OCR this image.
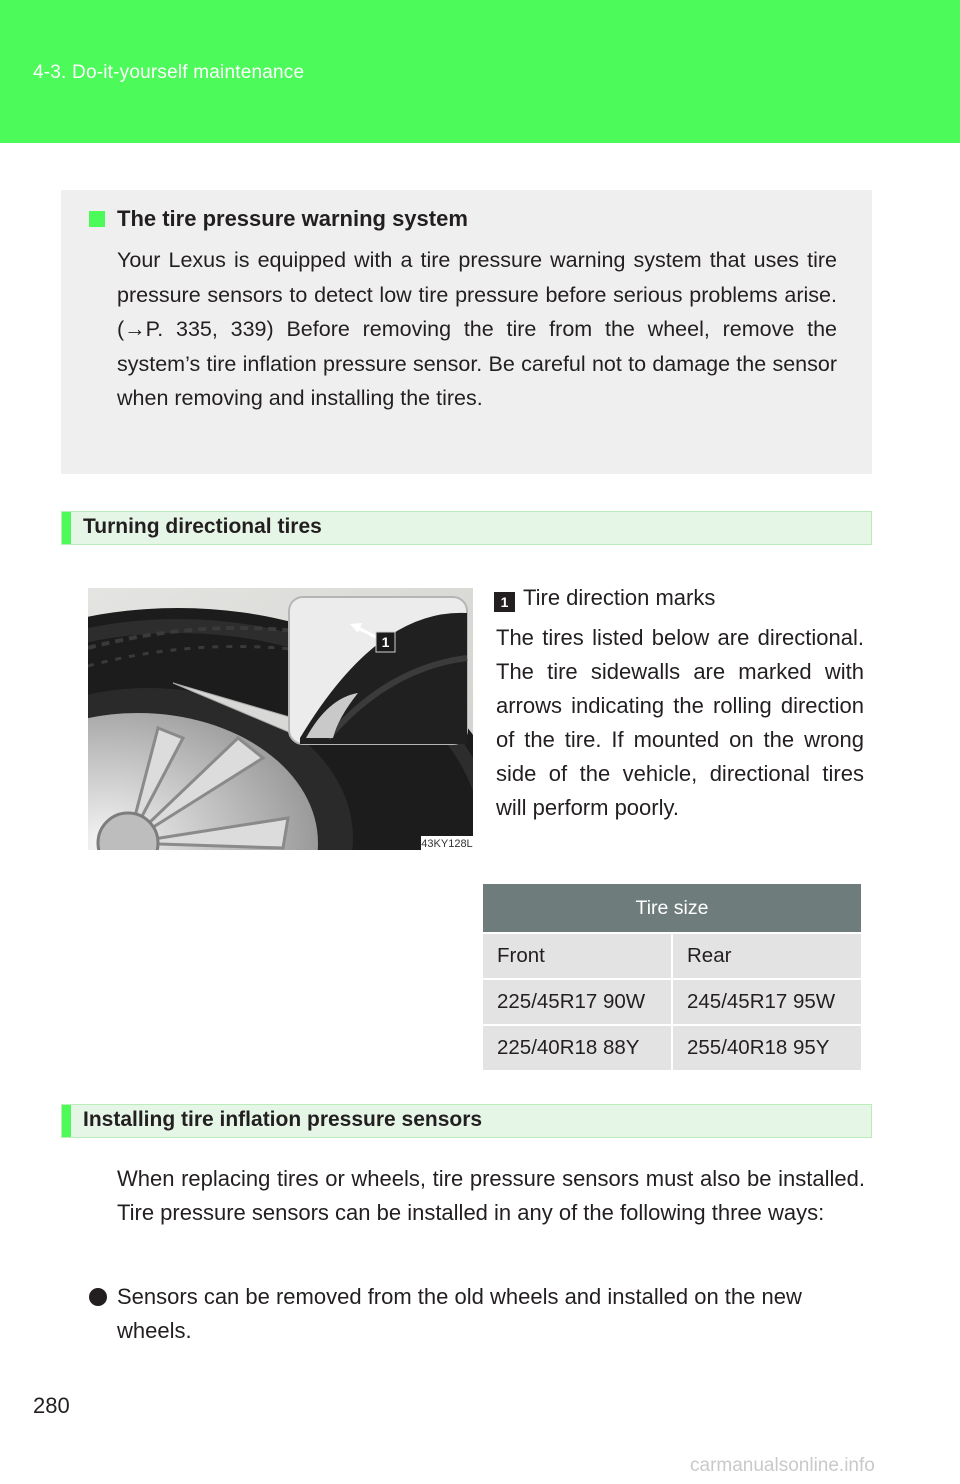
4-3. Do-it-yourself maintenance
The tire pressure warning system
Your Lexus is equipped with a tire pressure warning system that uses tire pressure sensors to detect low tire pressure before serious problems arise. (→P. 335, 339) Before removing the tire from the wheel, remove the system’s tire inflation pressure sensor. Be careful not to damage the sensor when removing and installing the tires.
Turning directional tires
1
43KY128L
1 Tire direction marks
The tires listed below are directional. The tire sidewalls are marked with arrows indicating the rolling direction of the tire. If mounted on the wrong side of the vehicle, directional tires will perform poorly.
Tire size	
Front	Rear
225/45R17 90W	245/45R17 95W
225/40R18 88Y	255/40R18 95Y
Installing tire inflation pressure sensors
When replacing tires or wheels, tire pressure sensors must also be installed. Tire pressure sensors can be installed in any of the following three ways:
Sensors can be removed from the old wheels and installed on the new wheels.
280
carmanualsonline.info
